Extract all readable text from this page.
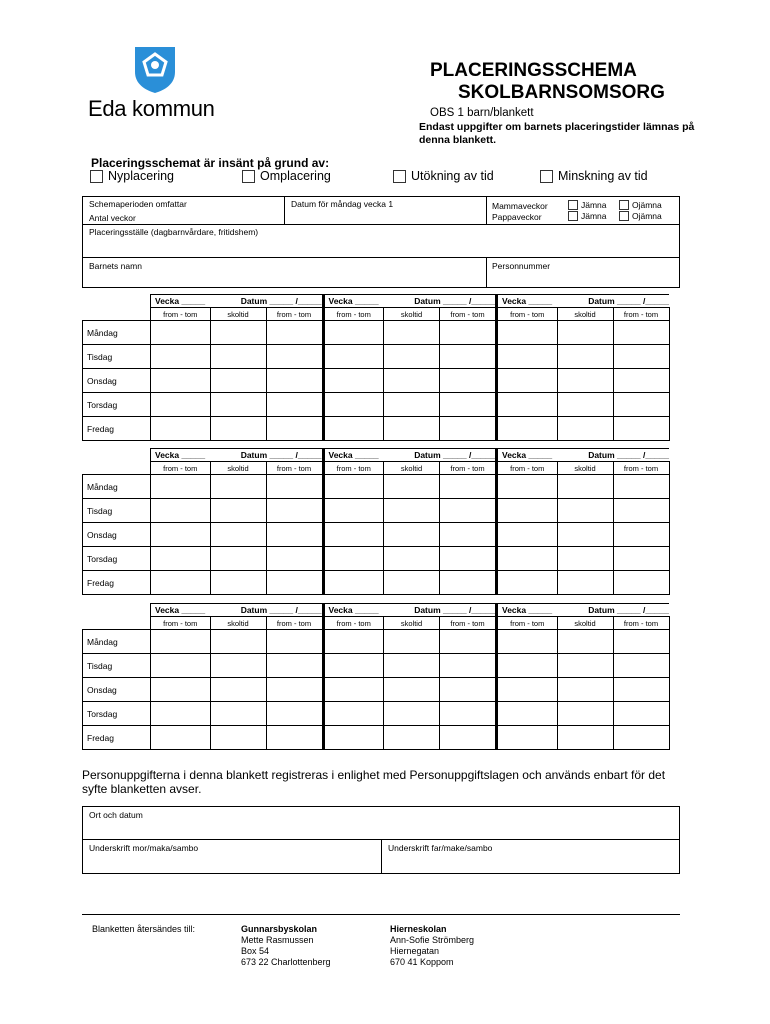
Eda kommun
PLACERINGSSCHEMA
SKOLBARNSOMSORG
OBS 1 barn/blankett
Endast uppgifter om barnets placeringstider lämnas på denna blankett.
Placeringsschemat är insänt på grund av:
Nyplacering	Omplacering	Utökning av tid	Minskning av tid
Schemaperioden omfattar
Antal veckor
Datum för måndag vecka 1	Mammaveckor
Pappaveckor
Jämna	Ojämna
Jämna	Ojämna
Placeringsställe (dagbarnvårdare, fritidshem)
Barnets namn	Personnummer
	Vecka _____	Datum _____ /_____		Vecka _____	Datum _____ /_____		Vecka _____	Datum _____ /_____	
	from - tom	skoltid	from - tom	from - tom	skoltid	from - tom	from - tom	skoltid	from - tom
Måndag									
Tisdag									
Onsdag									
Torsdag									
Fredag									
	Vecka _____	Datum _____ /_____		Vecka _____	Datum _____ /_____		Vecka _____	Datum _____ /_____	
	from - tom	skoltid	from - tom	from - tom	skoltid	from - tom	from - tom	skoltid	from - tom
Måndag									
Tisdag									
Onsdag									
Torsdag									
Fredag									
	Vecka _____	Datum _____ /_____		Vecka _____	Datum _____ /_____		Vecka _____	Datum _____ /_____	
	from - tom	skoltid	from - tom	from - tom	skoltid	from - tom	from - tom	skoltid	from - tom
Måndag									
Tisdag									
Onsdag									
Torsdag									
Fredag									
Personuppgifterna i denna blankett registreras i enlighet med Personuppgiftslagen och används enbart för det syfte blanketten avser.
Ort och datum
Underskrift mor/maka/sambo	Underskrift far/make/sambo
Blanketten återsändes till:	Gunnarsbyskolan
Mette Rasmussen
Box 54
673 22 Charlottenberg
Hierneskolan
Ann-Sofie Strömberg
Hiernegatan
670 41 Koppom
